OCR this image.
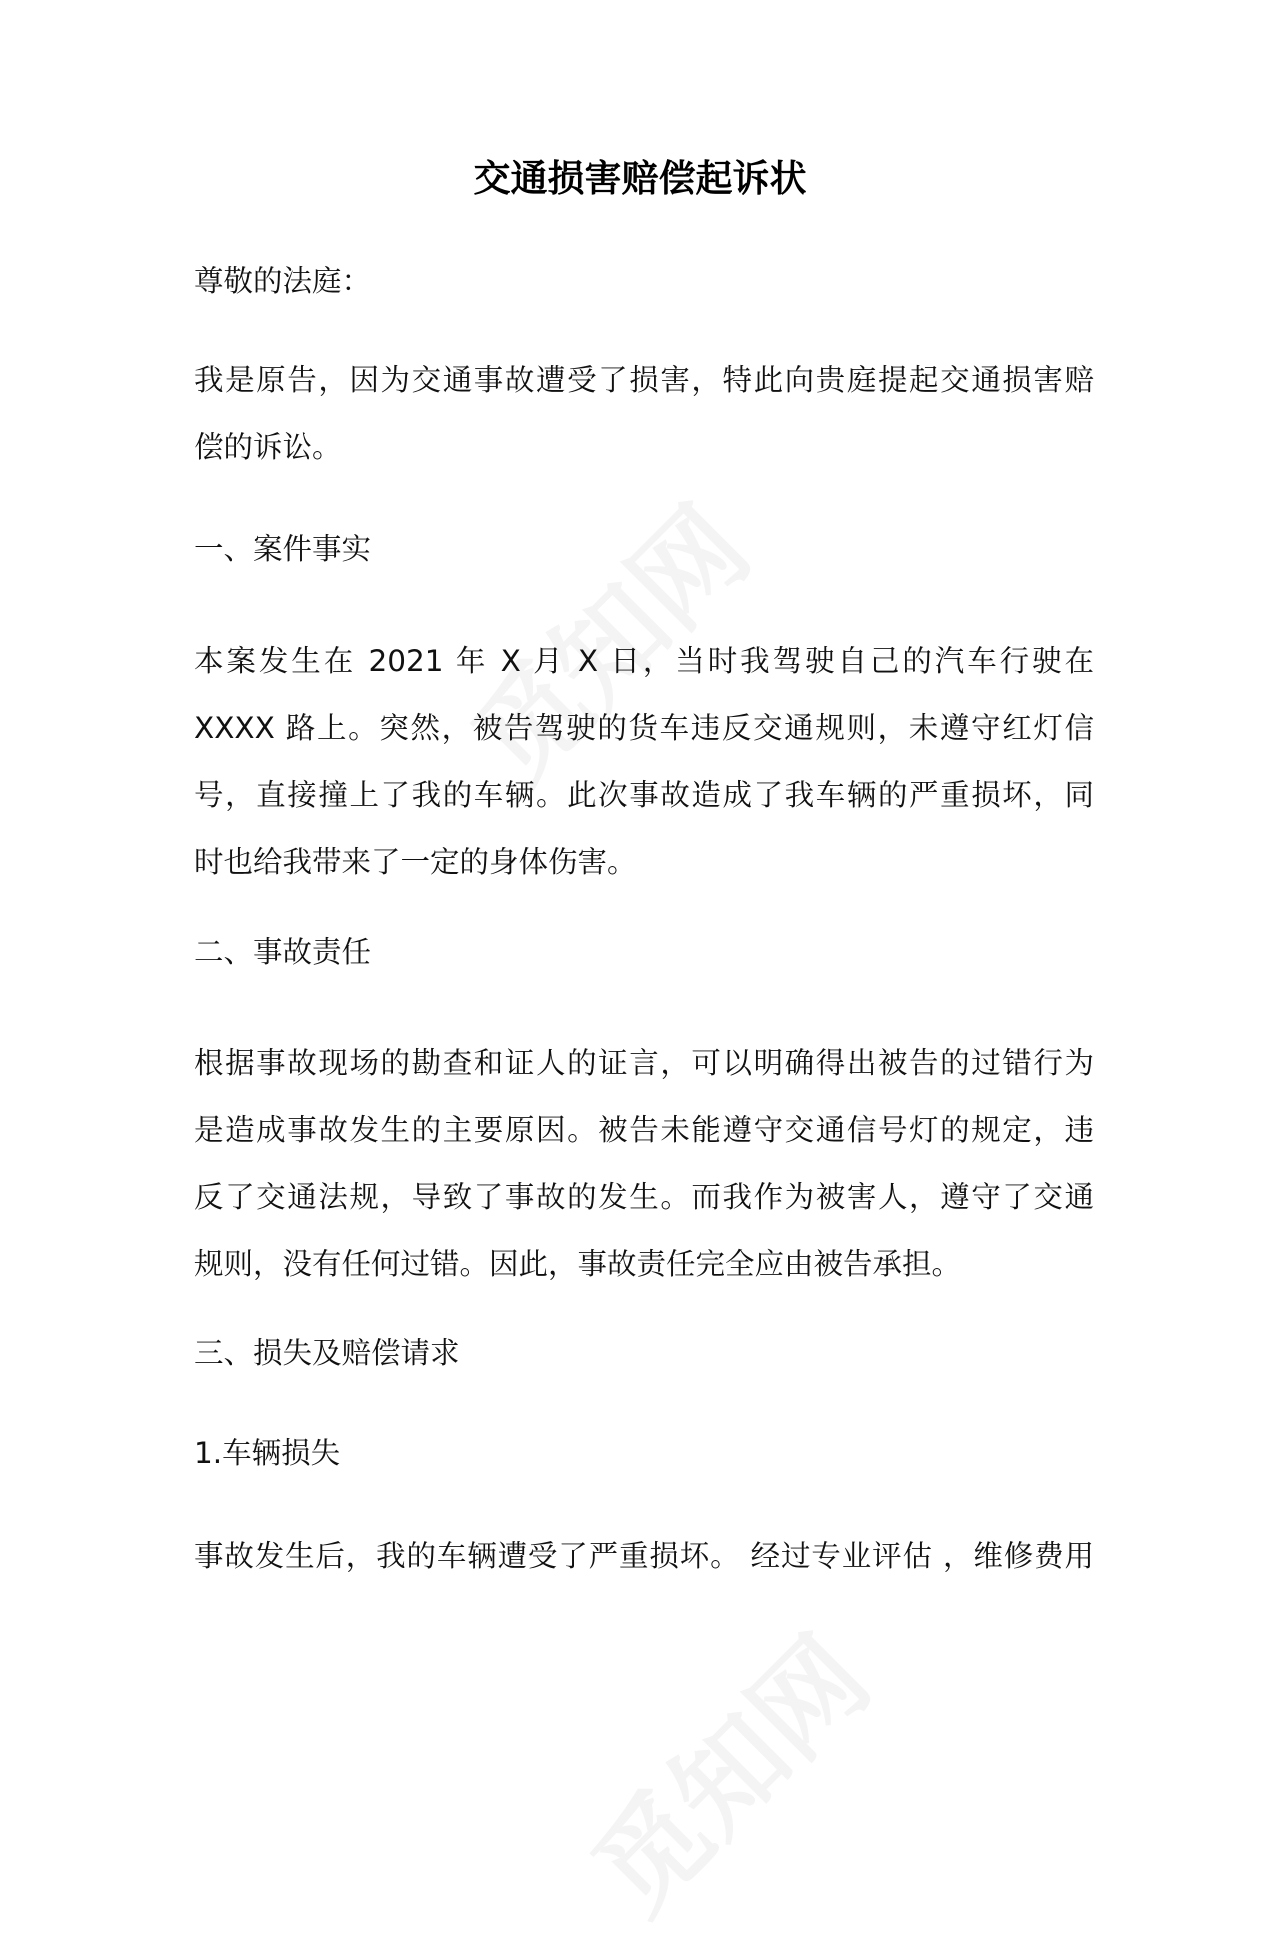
交通损害赔偿起诉状

尊敬的法庭：

我是原告，因为交通事故遭受了损害，特此向贵庭提起交通损害赔
偿的诉讼。

一、案件事实

本案发生在 2021 年 X 月 X 日，当时我驾驶自己的汽车行驶在
XXXX 路上。突然，被告驾驶的货车违反交通规则，未遵守红灯信
号，直接撞上了我的车辆。此次事故造成了我车辆的严重损坏，同
时也给我带来了一定的身体伤害。

二、事故责任

根据事故现场的勘查和证人的证言，可以明确得出被告的过错行为
是造成事故发生的主要原因。被告未能遵守交通信号灯的规定，违
反了交通法规，导致了事故的发生。而我作为被害人，遵守了交通
规则，没有任何过错。因此，事故责任完全应由被告承担。

三、损失及赔偿请求

1.车辆损失

事故发生后，我的车辆遭受了严重损坏。 经过专业评估 ，维修费用
